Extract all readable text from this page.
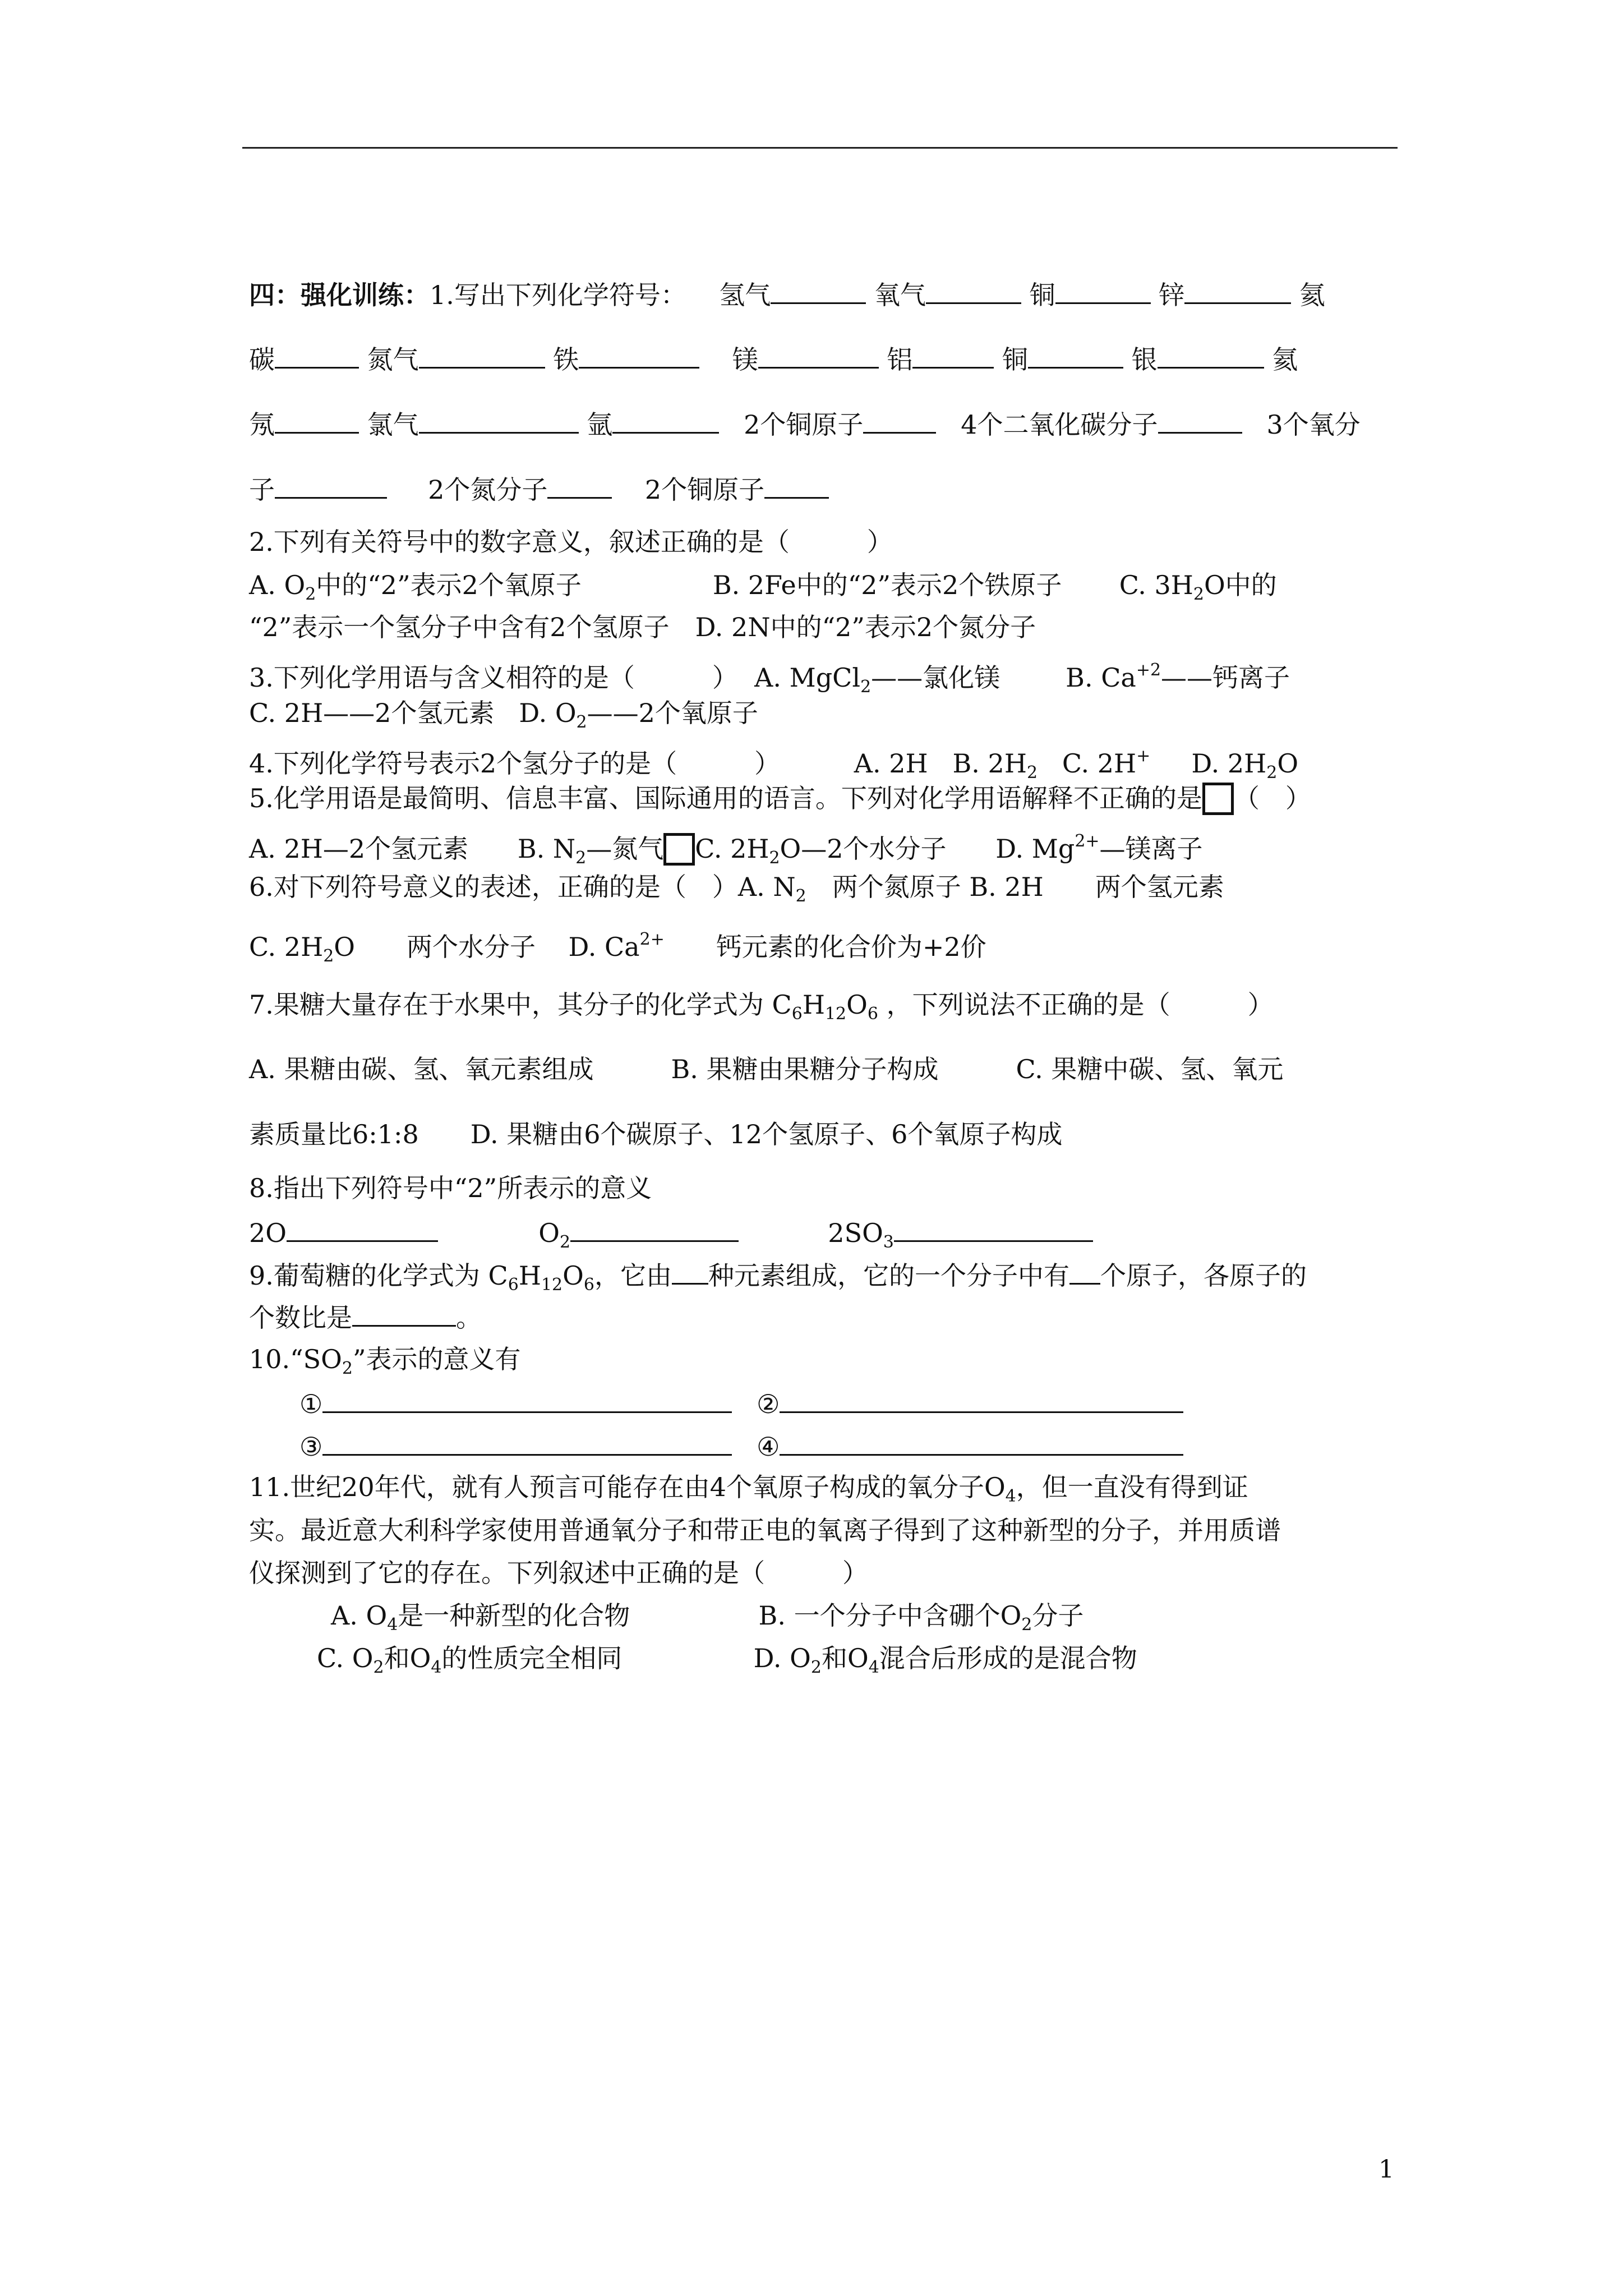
四：强化训练：1.写出下列化学符号： 氢气	氧气	铜	锌	氦
碳	氮气	铁	镁	铝	铜	银	氦
氖	氯气	氩	2个铜原子	4个二氧化碳分子	3个氧分
子	2个氮分子	2个铜原子
2.下列有关符号中的数字意义，叙述正确的是（　　　）
A. $O_2$中的“2”表示2个氧原子	B. 2Fe中的“2”表示2个铁原子 C. $3H_2O$中的
“2”表示一个氢分子中含有2个氢原子　D. 2N中的“2”表示2个氮分子
3.下列化学用语与含义相符的是（　　　） A. MgCl$_2$——氯化镁	B. $Ca^{+2}——$钙离子
C. 2H——2个氢元素 D. $O_2——2$个氧原子
4.下列化学符号表示2个氢分子的是（　　　）	A. 2H B. $2H_2$ C. 2H+ D. $2H_2O$
5.化学用语是最简明、信息丰富、国际通用的语言。下列对化学用语解释不正确的是 （　）
A. 2H—2个氢元素 B. $N_2—$氮气 C. $2H_2O—2$个水分子 D. $Mg^{2+}—$镁离子
6.对下列符号意义的表述，正确的是（　）A. $N_2$　两个氮原子 B. 2H　　两个氢元素
C. $2H_2O$　　两个水分子 D. $Ca^{2+}$　　钙元素的化合价为+2价
7.果糖大量存在于水果中，其分子的化学式为 $C_6H_{12}O_6$ ，下列说法不正确的是（　　　）
A. 果糖由碳、氢、氧元素组成　　　B. 果糖由果糖分子构成　　　C. 果糖中碳、氢、氧元
素质量比6:1:8　　D. 果糖由6个碳原子、12个氢原子、6个氧原子构成
8.指出下列符号中“2”所表示的意义
2O	$O_2$	$2SO_3$
9.葡萄糖的化学式为 $C_6H_{12}O_6$，它由 种元素组成，它的一个分子中有 个原子，各原子的
个数比是	。
$10.“SO_2$”表示的意义有
①	②
③	④
11.世纪20年代，就有人预言可能存在由4个氧原子构成的氧分子$O_4$，但一直没有得到证
实。最近意大利科学家使用普通氧分子和带正电的氧离子得到了这种新型的分子，并用质谱
仪探测到了它的存在。下列叙述中正确的是（　　　）
A. $O_4$是一种新型的化合物	B. 一个分子中含硼个$O_2$分子
C. $O_2$和$O_4$的性质完全相同	D. $O_2$和$O_4$混合后形成的是混合物
1
